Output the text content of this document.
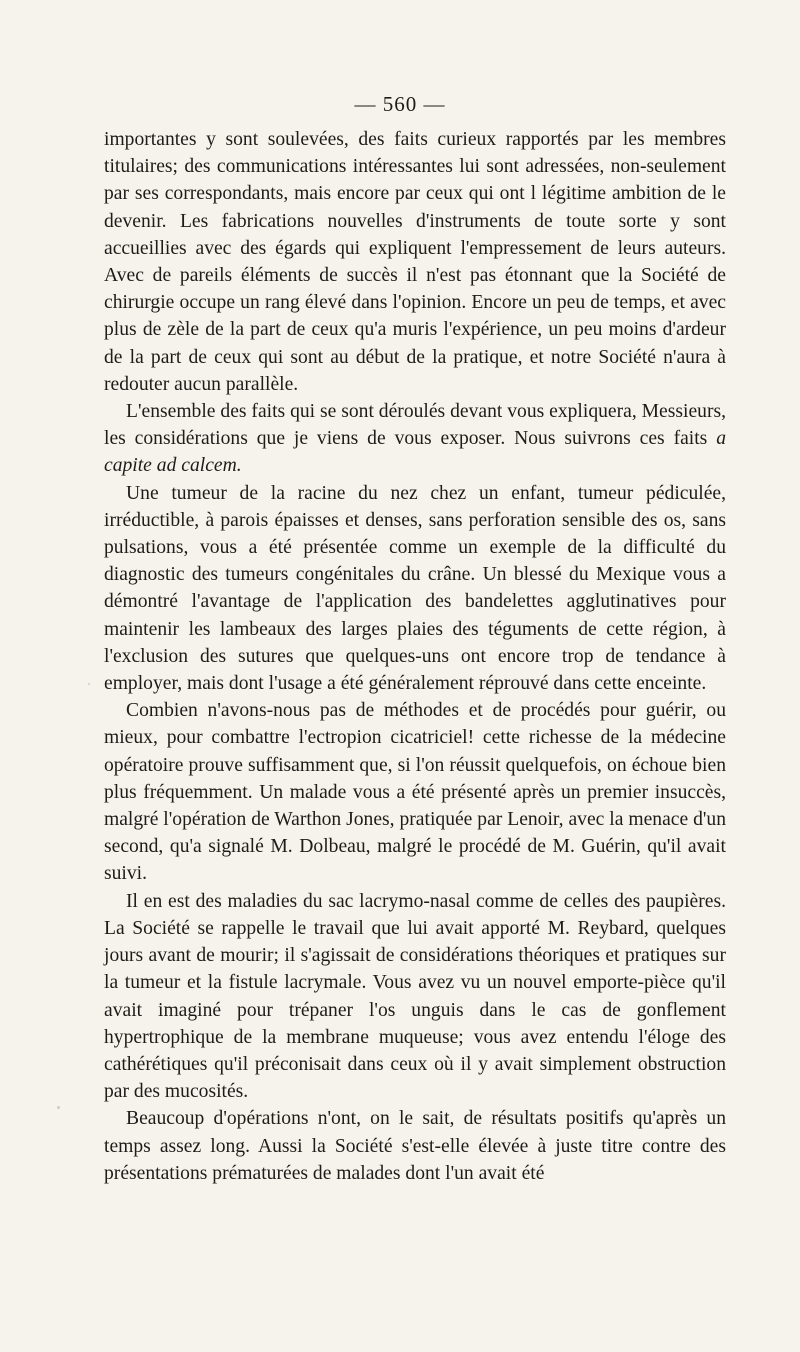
— 560 —

importantes y sont soulevées, des faits curieux rapportés par les membres titulaires; des communications intéressantes lui sont adressées, non-seulement par ses correspondants, mais encore par ceux qui ont l légitime ambition de le devenir. Les fabrications nouvelles d'instruments de toute sorte y sont accueillies avec des égards qui expliquent l'empressement de leurs auteurs. Avec de pareils éléments de succès il n'est pas étonnant que la Société de chirurgie occupe un rang élevé dans l'opinion. Encore un peu de temps, et avec plus de zèle de la part de ceux qu'a muris l'expérience, un peu moins d'ardeur de la part de ceux qui sont au début de la pratique, et notre Société n'aura à redouter aucun parallèle.

L'ensemble des faits qui se sont déroulés devant vous expliquera, Messieurs, les considérations que je viens de vous exposer. Nous suivrons ces faits a capite ad calcem.

Une tumeur de la racine du nez chez un enfant, tumeur pédiculée, irréductible, à parois épaisses et denses, sans perforation sensible des os, sans pulsations, vous a été présentée comme un exemple de la difficulté du diagnostic des tumeurs congénitales du crâne. Un blessé du Mexique vous a démontré l'avantage de l'application des bandelettes agglutinatives pour maintenir les lambeaux des larges plaies des téguments de cette région, à l'exclusion des sutures que quelques-uns ont encore trop de tendance à employer, mais dont l'usage a été généralement réprouvé dans cette enceinte.

Combien n'avons-nous pas de méthodes et de procédés pour guérir, ou mieux, pour combattre l'ectropion cicatriciel! cette richesse de la médecine opératoire prouve suffisamment que, si l'on réussit quelquefois, on échoue bien plus fréquemment. Un malade vous a été présenté après un premier insuccès, malgré l'opération de Warthon Jones, pratiquée par Lenoir, avec la menace d'un second, qu'a signalé M. Dolbeau, malgré le procédé de M. Guérin, qu'il avait suivi.

Il en est des maladies du sac lacrymo-nasal comme de celles des paupières. La Société se rappelle le travail que lui avait apporté M. Reybard, quelques jours avant de mourir; il s'agissait de considérations théoriques et pratiques sur la tumeur et la fistule lacrymale. Vous avez vu un nouvel emporte-pièce qu'il avait imaginé pour trépaner l'os unguis dans le cas de gonflement hypertrophique de la membrane muqueuse; vous avez entendu l'éloge des cathérétiques qu'il préconisait dans ceux où il y avait simplement obstruction par des mucosités.

Beaucoup d'opérations n'ont, on le sait, de résultats positifs qu'après un temps assez long. Aussi la Société s'est-elle élevée à juste titre contre des présentations prématurées de malades dont l'un avait été
